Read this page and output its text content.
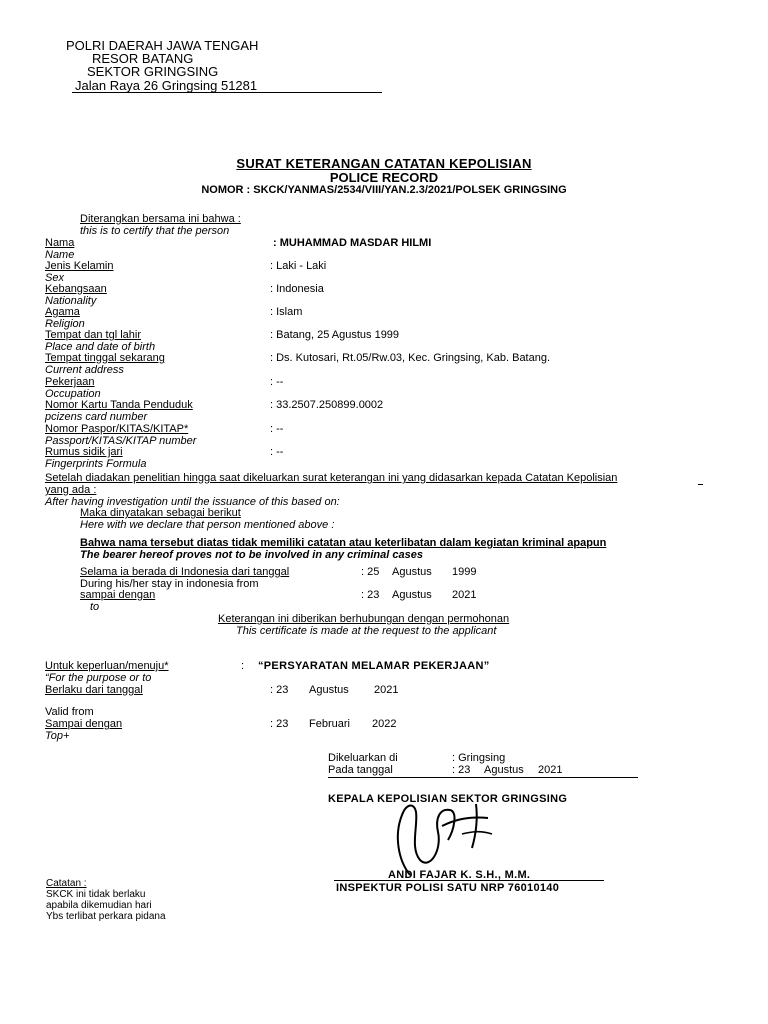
POLRI DAERAH JAWA TENGAH
RESOR BATANG
SEKTOR GRINGSING
Jalan Raya 26 Gringsing 51281
SURAT KETERANGAN CATATAN KEPOLISIAN
POLICE RECORD
NOMOR : SKCK/YANMAS/2534/VIII/YAN.2.3/2021/POLSEK GRINGSING
Diterangkan bersama ini bahwa :
this is to certify that the person
Nama
Name
: MUHAMMAD MASDAR HILMI
Jenis Kelamin
Sex
: Laki - Laki
Kebangsaan
Nationality
: Indonesia
Agama
Religion
: Islam
Tempat dan tgl lahir
Place and date of birth
: Batang, 25 Agustus 1999
Tempat tinggal sekarang
Current address
: Ds. Kutosari, Rt.05/Rw.03, Kec. Gringsing, Kab. Batang.
Pekerjaan
Occupation
: --
Nomor Kartu Tanda Penduduk
pcizens card number
: 33.2507.250899.0002
Nomor Paspor/KITAS/KITAP*
Passport/KITAS/KITAP number
: --
Rumus sidik jari
Fingerprints Formula
: --
Setelah diadakan penelitian hingga saat dikeluarkan surat keterangan ini yang didasarkan kepada Catatan Kepolisian
yang ada :
After having investigation until the issuance of this based on:
Maka dinyatakan sebagai berikut
Here with we declare that person mentioned above :
Bahwa nama tersebut diatas tidak memiliki catatan atau keterlibatan dalam kegiatan kriminal apapun
The bearer hereof proves not to be involved in any criminal cases
Selama ia berada di Indonesia dari tanggal	: 25 Agustus 1999
During his/her stay in indonesia from
sampai dengan	: 23 Agustus 2021
to
Keterangan ini diberikan berhubungan dengan permohonan
This certificate is made at the request to the applicant
Untuk keperluan/menuju*	: “PERSYARATAN MELAMAR PEKERJAAN”
“For the purpose or to
Berlaku dari tanggal	: 23 Agustus 2021
Valid from
Sampai dengan	: 23 Februari 2022
Top+
Dikeluarkan di	: Gringsing
Pada tanggal	: 23 Agustus 2021
KEPALA KEPOLISIAN SEKTOR GRINGSING
ANDI FAJAR K. S.H., M.M.
INSPEKTUR POLISI SATU NRP 76010140
Catatan :
SKCK ini tidak berlaku
apabila dikemudian hari
Ybs terlibat perkara pidana
